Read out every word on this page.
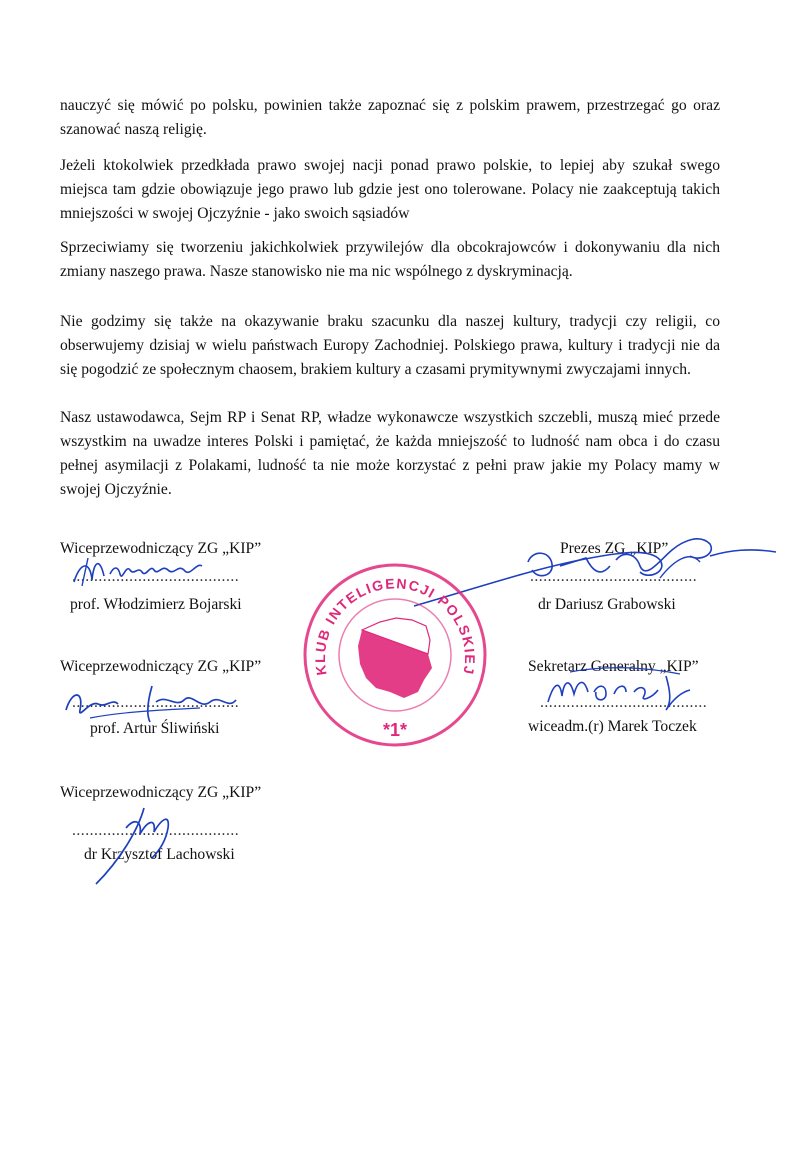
nauczyć się mówić po polsku, powinien także zapoznać się z polskim prawem, przestrzegać go oraz szanować naszą religię.

Jeżeli ktokolwiek przedkłada prawo swojej nacji ponad prawo polskie, to lepiej aby szukał swego miejsca tam gdzie obowiązuje jego prawo lub gdzie jest ono tolerowane. Polacy nie zaakceptują takich mniejszości w swojej Ojczyźnie - jako swoich sąsiadów

Sprzeciwiamy się tworzeniu jakichkolwiek przywilejów dla obcokrajowców i dokonywaniu dla nich zmiany naszego prawa. Nasze stanowisko nie ma nic wspólnego z dyskryminacją.

Nie godzimy się także na okazywanie braku szacunku dla naszej kultury, tradycji czy religii, co obserwujemy dzisiaj w wielu państwach Europy Zachodniej. Polskiego prawa, kultury i tradycji nie da się pogodzić ze społecznym chaosem, brakiem kultury a czasami prymitywnymi zwyczajami innych.

Nasz ustawodawca, Sejm RP i Senat RP, władze wykonawcze wszystkich szczebli, muszą mieć przede wszystkim na uwadze interes Polski i pamiętać, że każda mniejszość to ludność nam obca i do czasu pełnej asymilacji z Polakami, ludność ta nie może korzystać z pełni praw jakie my Polacy mamy w swojej Ojczyźnie.

Wiceprzewodniczący ZG „KIP”

......................................

prof. Włodzimierz Bojarski

Prezes ZG „KIP”

......................................

dr Dariusz Grabowski

Wiceprzewodniczący ZG „KIP”

......................................

prof. Artur Śliwiński

Sekretarz Generalny „KIP”

......................................

wiceadm.(r) Marek Toczek

Wiceprzewodniczący ZG „KIP”

......................................

dr Krzysztof Lachowski

KLUB INTELIGENCJI POLSKIEJ
*1*
